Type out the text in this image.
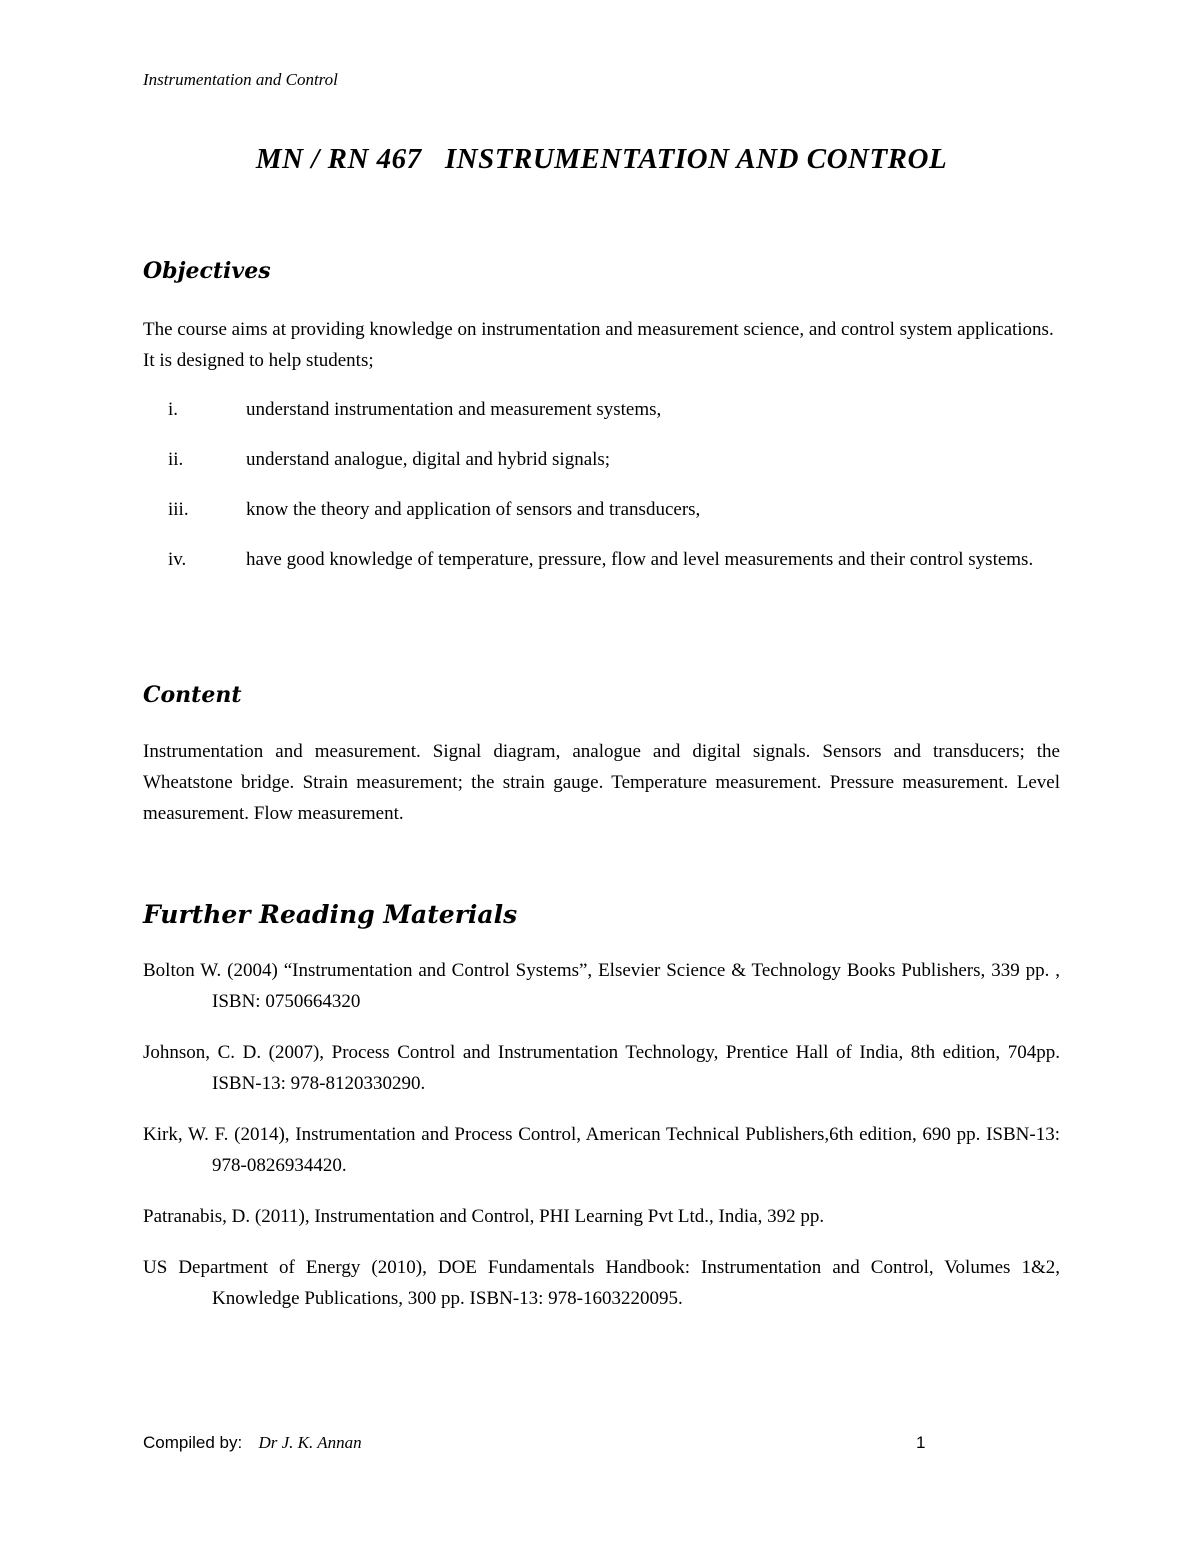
Instrumentation and Control
MN / RN 467   INSTRUMENTATION AND CONTROL
Objectives
The course aims at providing knowledge on instrumentation and measurement science, and control system applications. It is designed to help students;
i.	understand instrumentation and measurement systems,
ii.	understand analogue, digital and hybrid signals;
iii.	know the theory and application of sensors and transducers,
iv.	have good knowledge of temperature, pressure, flow and level measurements and their control systems.
Content
Instrumentation and measurement. Signal diagram, analogue and digital signals. Sensors and transducers; the Wheatstone bridge. Strain measurement; the strain gauge. Temperature measurement. Pressure measurement. Level measurement. Flow measurement.
Further Reading Materials
Bolton W. (2004) “Instrumentation and Control Systems”, Elsevier Science & Technology Books Publishers, 339 pp. , ISBN: 0750664320
Johnson, C. D. (2007), Process Control and Instrumentation Technology, Prentice Hall of India, 8th edition, 704pp. ISBN-13: 978-8120330290.
Kirk, W. F. (2014), Instrumentation and Process Control, American Technical Publishers,6th edition, 690 pp. ISBN-13: 978-0826934420.
Patranabis, D. (2011), Instrumentation and Control, PHI Learning Pvt Ltd., India, 392 pp.
US Department of Energy (2010), DOE Fundamentals Handbook: Instrumentation and Control, Volumes 1&2, Knowledge Publications, 300 pp. ISBN-13: 978-1603220095.
Compiled by: Dr J. K. Annan	1
